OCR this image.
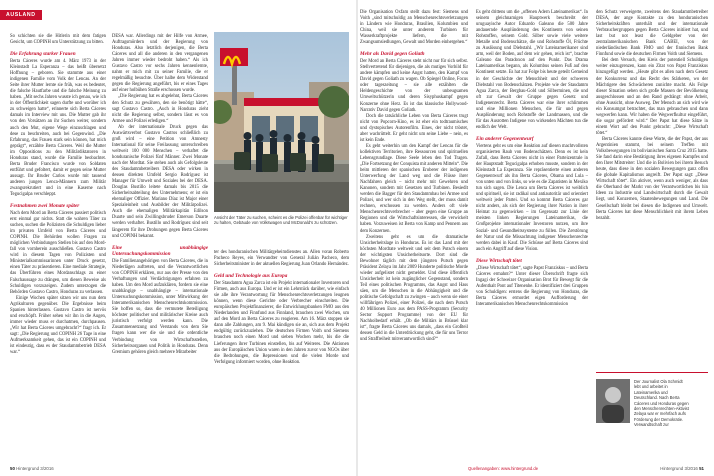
AUSLAND

So schichten sie die Hitlerin mit dem fatigen Gesicht, um COPINH um Unterstützung zu bitten.

Die Erfahrung starker Frauen

Berta Cáceres wurde am 4. März 1973 in der Kleinstadt La Esperanza – das heißt übersetzt Hoffnung – geboren. Sie stammte aus einer indigenen Familie vom Volk der Lencas. An der Seite ihrer Mutter lernte sie früh, was es bedeutet, die falsche Hautfarbe und die falsche Meinung zu haben. „Mit sechs Jahren wusste ich genau, wie ich in der Öffentlichkeit sagen durfte und worüber ich zu schweigen hatte“, erinnerte sich Berta Cáceres damals im Interview mit uns. Die Mutter gab ihr von den Vorsätzen an ihr Suchen weiter, sondern auch den Mut, eigene Wege einzuschlagen und dese zu beschreiten, auch bei Gegenwind. „Die Erfahrung, das Frauen stark sein können, hat mich geprägt“, erzählte Berta Cáceres. Weil die Mutter im Oppositions zu den Militärdiktatoren in Honduras stand, wurde die Familie beobachtet. Berta Bruder Francisco wurde von Soldaten entführt und gefoltert, damit er gegen seine Mutter aussagt. Ihr Bruder Carlos wurde mit tausend anderen jungen Lenca-Männern zum Militär zwangsrekrutiert und in eine Kaserne nach Tegucigalpa verschleppt.

Festnahmen zwei Monate später

Nach dem Mord an Berta Cáceres passiert politisch erst einmal gar nichts. Statt die wahren Täter zu suchen, suchen die Polizisten die Schuldigen lieber im privaten Umfeld von Berta Cáceres und COPINH. Die Behörden wollen Fragen zu möglichen Verbindungen Stellen bis auf den Mord-fall von vornherein ausschließen. Gustavo Castro wird in diesem Tagen von Polizisten und Ministerialkommissarinnen unter Druck gesetzt, einen Täter zu präsentieren. Eine mediale Strategie, das Überführen eines Mordanschlags zu einer Falschaussage zu drängen, um diesen Beweise als Schuldigen vorzuzeigen. Zudem unterzogen die Behörden Gustavo Castro, Honduras zu verlassen.

Einige Wochen später sitzen wir uns nun dem Agrikulturen gegenüber. Die Ergebnisse beim Spanien hinterlassen. Gustavo Castro ist nervös und erschöpft. Früher sehen wir ihn in die Augen, immer wieder muss er durchatmen, durchpausen. „Wir hat Berta Cáceres umgebracht?“ fragt ich. Er sagt: „Die Regierung und COPINH 26 Tage in eine Aufmerksamkeit gehen, das ist ein COPINH und ist eindeutig, dass es der Staudammbetrieb DESA war.“

DESA war. Allerdings mit der Hilfe von Armee, Auftragsmördern und der Regierung von Honduras. Also letztlich derjenigen, die Berta Cáceres und all die anderen in den vergangenen Jahren immer wieder bedroht haben.“ Als ich Gustavo Castro vor sechs Jahren kennenlernte, nahm er mich mit zu seiner Familie, die er regelmäßig besuchte. Über halbe dem Widerstand gegen die Regierung angeführt, bis er eines Tages auf einer holbühen Straße erschossen wurde.

„Die Regierung hat es abgelehnt, Berta Cáceres den Schutz zu gewähren, den sie benötigt hätte“, sagt Gustavo Castro. „Auch in Honduras zieht nicht die Regierung selbst, sondern lässt es von Armee und Polizei erledigen.“

Ab der internationale Druck gegen das Auswärtsverbot Gustavo Castros schließlich zu groß wird – eine Petition von Amnesty International für seine Freilassung unterschreiben weltweit 100 000 Menschen – verhaftet die honduranische Polizei fünf Männer. Zwei Monate nach der Mordtat. Sie stehen auch als Gefolgsleute des Staudammbetreibers DESA oder wirken in dessen direkten Umfeld Sergio Rodríguez ist Manager für Umwelt und Soziales bei der DESA. Douglas Bustillo leitete damals bis 2015 die Sicherheitsabteilung des Unternehmens; er ist ein ehemaliger Offizier. Mariano Díaz ist Major einer Spezialeinheit und Ausbilder der Militärpolizei. Auch die ehemaligen Militärkapitän Edilson Duarte und sein Zwillingsbruder Emerson Duarte werden verhaftet. Bustillo und Rodríguez sind seit längerem für ihre Drohungen gegen Berta Cáceres und COPINH bekannt.

Eine unabhängige Untersuchungskommission

Die Familienangehörigen von Berta Cáceres, die in Niederlägen auftreten, und die Verantwortlichen von COPINH erklären, nur aus der Presse von den Verhaftungen und Verdächtigungen erfahren zu haben. Um den Mord aufzuklären, fordern sie eine unabhängige – unabhängige – internationale Untersuchungskommission, unter Mitwirkung der Interamerikanischen Menschenrechtskommission. Sie hoffen so, dass die vermutete Beteiligung höchster politischer und militärischer Kreise auch juristisch verfolgt werden kann. Die Zusammensetzung und Verstands von dem Sie fragen kann wer die sie und die ordentliche Verbindung von Wirtschaftsstellen, Sicherheitsorganen und Politik in Honduras. Denn Gremium gehören gleich mehrere Mitarbeiter

Ansicht der Täter zu suchen, scheint es die Polizei offenbar für wichtiger zu halten, Gebäude von Volkswagen und McDonald's zu schützen.

ter des honduranischen Militärgeheimdienstes an. Allen voran Roberto Pacheco Reyes, ein Verwandter von General Julián Pacheco, dem Sicherheitsminister in der aktuellen Regierung Juan Orlando Hernández.

Geld und Technologie aus Europa

Der Staudamm Agua Zarca ist ein Projekt internationaler Investoren und Firmen, auch aus Europa. Und er ist ein Lehrstück darüber, wie einfach sie alle ihre Verantwortung für Menschenrechtsverletzungen leugnen können, wenn diese Gerichte oder Verbrecher einschreiten. Die europäischen Projektfinanzierer, die Entwicklungsbanken FMO aus den Niederlanden und Finnfund aus Finnland, brauchen zwei Wochen, um auf den Mord an Berta Cáceres zu reagieren. Am 16. März stoppen sie dann alle Zahlungen, am 9. Mai kündigen sie an, sich aus dem Projekt endgültig zurückzuziehen. Die deutschen Firmen Voith und Siemens brauchen noch einen Mord und sieben Wochen mehr, bis die die Lieferungen ihrer Turbinen einstellen, bis auf Weiteres. Die Aktionen aus der Europäischen Union waren in den Jahren zuvor von NGOs über die Bedrohungen, die Repressionen und die vielen Morde und Verfolgung informiert worden, ohne Reaktion.

50 Hintergrund 3/2016

Die Organisation Oxfam stellt dazu fest: Siemens und Voith „sind mitschuldig an Menschenrechtsverletzungen in Ländern wie Honduras, Brasilien, Kolumbien und China, weil sie unter anderem Turbinen für Wasserkraftprojekte liefern, die mit Zwangsumsiedlungen, Gewalt und Morden einhergehen.“

Mehr als David gegen Goliath

Der Mord an Berta Cáceres steht nicht nur für sich selbst. Stellvertretend für diejenigen, die als mutiges Vorbild für andere kämpfen und keine Angst hatten, den Kampf von David gegen Goliath zu wagen. Ob Spiegel Online, Focus oder tageszeitung – sie alle erzählten die Heldengeschichte von der unbeugsamen Umweltschützerin und deren Sisyphuskampf gegen Konzerne ohne Herz. Es ist das klassische Hollywood-Narrativ David gegen Goliath.

Doch die tatsächliche Leben von Berta Cáceres trugt nicht von Popcorn-Kino, es ist eher ein todtraumisches und dystopisches Autorenfilm. Eines, der nicht tröstet, aber wachrüttelt. Er geht nicht um seine Liebe – nein, es ist kein Ende.

Es geht weiterhin um den Kampf der Lencas für die kollektiven Territorien, ihre Ressourcen und spirituellen Lebensgrundlage. Diese Seele leben den Tod Tragen. „Die Fortsetzung der Conquista mit anderen Mitteln“. Die beim mittleren der spanischen Eroberer der indigenen Unterwerfung der Land weg und die Flüsse ihrer Nachfahren gleich – nicht mehr mit Gewehren und Kanonen, sondern mit Gesetzen und Turbinen. Besiedlt werden die Bagger für den Staudammbau bei Armee und Polizei, und wer sich in den Weg stellt, der muss damit rechnen, erschossen zu werden. Anders oft viele Menschenrechtsverbrecher – aber gegen eine Gruppe an Regionen und die Wirtschaftsinteressen, die verwickelt haben. Vorzuweisen ist Berta von Kamp und Pennern aus dem Konzernen.

Zweitens geht es um die dramatische Unsicherheitslage in Honduras. Es ist das Land mit der höchsten Mordrate weltweit und seit dem Putsch einem der wichtigsten Unsicherheitsorte. Dort sind die Bewohner täglich mit dem jüngsten Putsch gegen Präsident Zelaya im Jahr 2009 Hunderte politische Morde wieder aufgelistet nicht gemeldet. Und diese öffentlich Unsicherheit ist kein zugänglicher Gegenstand, sondern Teil eines politischen Programms, das Angst und Hass säen, um die Menschen in die Abhängigkeit und die politische Gefolgschaft zu zwingen – auch wenn sie einer willfährigen Polizei, einer Polizei, die nach dem Putsch 40 Millionen Euro aus dem PASS-Programm (Security Sector Support Programme) von der EU für Nachholbedarf erhält. „Ob die Militärs in Brüssel klar ist“, fragte Berta Cáceres uns damals, „dass ein Großteil dessen Geld in die Unterdrückung geht, die für uns Terror und Straffreiheit mitverantwortlich sind?“

Es geht drittens um die „offenen Adern Lateinamerikas“. In seinem gleichnamigen Hauptwerk beschreibt der uruguayische Autor Eduardo Galeano die 500 Jahre andauernde Ausplünderung des Kontinents von seinen Rohstoffen, seinem Gold. Silber sowie viele weitere Metalle und Bodenschätze, die und Rohstoffe Öl, Früchte zu Auslösung und Diebstahl. „Wir Lateinamerikaner sind arm, weil der Boden, auf dem wir gehen, reich ist“, brachte Galeano das Paradoxon auf den Punkt. Das Drama Lateinamerikas begann, als Kolumbus seinen Fuß auf den Kontinent setzte. Es hat zur Folge bis heute geteilt Gemeind in der Geschichte der Menschheit und der schweren Diebstahl von Bodenschätzen. Projekte wie der Staudamm Agua Zarca, der Bergbau-Gold und Silberminen, die und oft zur Gewalt der Gruppe gegen Gesetz und Indigenenrecht. Berta Cáceres war eine ihrer schlimmen und eine Millionen Menschen, die für und gegen Ausplünderung noch Rohstoffe der Landmassen, und die für das Ausrotten Indigene von wirkenden Mächten tun die endlich der Welt.

Ein anderer Gegenentwurf

Viertens geht es um eine Reaktion auf diesen machtvollsten organisierten Raub von Bodenschätzen. Denn es ist kein Zufall, dass Berta Cáceres nicht in einer Parteizentrale in der Hauptstadt Tegucigalpa erhoben musste, sondern in der Kleinstadt La Esperanza. Sie repräsentierte einen anderen Gegenentwurf als ihn Berta Cáceres, Obama und Lula – von unten und von links, so wie es die Zapatisten in Mexiko tun sich sagen. Die Lenca um Berta Cáceres ist weiblich und spirituell, sie ist radikal und antiautoritär und orientiert weltweit jeder Partei. Und so kommt Berta Cáceres gar nicht anders, als sich der Regierung ihrer Nation in ihrer Heimat zu gegenwirken – im Gegensatz zur Linie der meisten linken Regierungen Lateinamerikas, die Großprojekte internationaler Investoren nutzen, um ihre Sozial- und Gesundheitssysteme zu füllen. Die Zerstörung der Natur und die Missachtung indigener Menschenrechte werden dabei in Kauf. Die Schüsse auf Berta Cáceres sind auch ein Angriff auf diese Vision.

Diese Wirtschaft tötet

„Diese Wirtschaft tötet“, sagte Papst Franziskus – und Berta Cáceres ermahnt?“ Unter dieser Überschrift fragte sich Ingagi der Schweizer Organisation Brot für Bewegt für die Aufenthalt Pont auf Titenenhe. Er identifiziert drei Gruppen von Schuldigen: erstens die Regierung von Honduras, die Berta Cáceres ermordet eigen Aufforderung der Interamerikanischen Menschenrechtskommission

den Schutz verweigerte, zweitens den Staudammbetreiber DESA, der ange Kontakte zu den honduranischen Sicherheitskräften unterhält und der internationale Verbrauchergruppen gegen Berta Cáceres initiiert hat, und last but not least die Geldgeber von der zentralamerikanischen Bank CABEI, von der niederländischen Bank FMO und der finnischen Bank Finnfund sowie die deutschen Firmen Voith und Siemens.

Bei dem Versuch, den Kreis der potentiell Schuldigen weiter einzugrenzen, kann ein Zitat von Papst Franziskus hinzugefügt werden. „Heute gibt es allen nach dem Gesetz der Konkurrenz und das Recht des Stärkeren, wo der Mächtigere den Schwächeren zunichte macht. Als Folge dieser Situation sehen sich große Massen der Bevölkerung ausgeschlossen und an den Rand gedrängt: ohne Arbeit, ohne Aussicht, ohne Ausweg. Der Mensch an sich wird wie ein Konsumgut betrachtet, das man gebrauchen und dann wegwerfen kann. Wir haben die Wegwerfkultur eingeführt, die sogar gefördert wird.“ Der Papst hat diese Sätze in einem Wort auf den Punkt gebracht: „Diese Wirtschaft tötet.“

Berta Cáceres kannte diese Worte, die der Papst, der aus Argentinien stammt, bei seinem Treffen mit Volksbewegungen im bolivianischen Santa Cruz 2015 hatte. Sie fand darin eine Bestätigung ihres eigenen Kampfes und den Ihrer Mitstreiter: Und die in Bolivien bei ihrem Besuch heute, dass diese in den sozialen Bewegungen ganz offen die globale Kapitalismus angreift. Der Papst sagt: „Diese Wirtschaft tötet“. Ein aktiver, wenn auch weniger, als dass die Oberhand der Markt von der Verantwortlichen bis hin Ideen zu Industrie und Landwirtschaft durch die Gewalt liegt, und Konzernen, Staatenbewegungen und Land. Die Gesellschaft bleibt bei diesen die Indigenen und Umwelt. Berta Cáceres hat diese Menschlichkeit mit ihrem Leben bezahlt.

Der Journalist Ola Schmidt lebt und arbeitet in Lateinamerika und Deutschland. Nach Berta Cáceres und Honduras gegen den Menschenrechten-Aktivist Zelaya war er mehrfach aufs Förderung der Demokratie. Verwandtschaft zur
Quellenangaben: www.hintergrund.de	Hintergrund 3/2016 51
